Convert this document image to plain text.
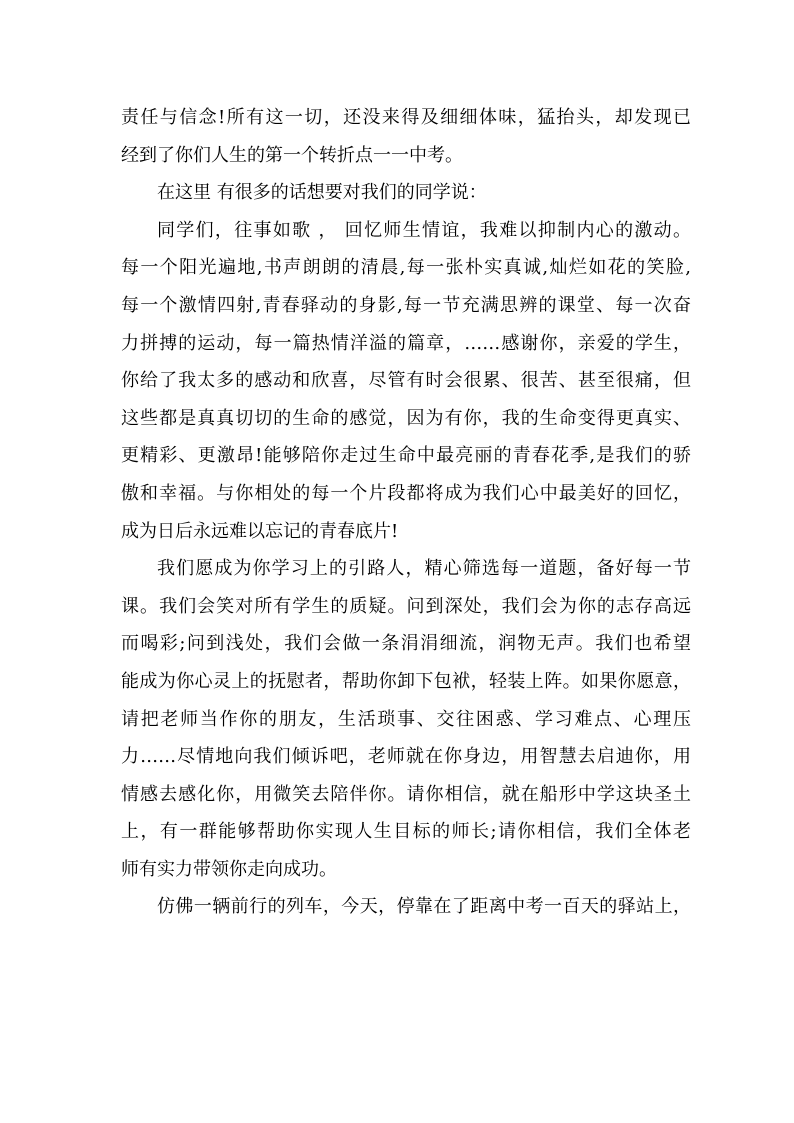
责任与信念!所有这一切，还没来得及细细体味，猛抬头，却发现已
经到了你们人生的第一个转折点一一中考。
在这里 有很多的话想要对我们的同学说：
同学们，往事如歌 ， 回忆师生情谊，我难以抑制内心的激动。
每一个阳光遍地,书声朗朗的清晨,每一张朴实真诚,灿烂如花的笑脸,
每一个激情四射,青春驿动的身影,每一节充满思辨的课堂、每一次奋
力拼搏的运动，每一篇热情洋溢的篇章，……感谢你，亲爱的学生，
你给了我太多的感动和欣喜，尽管有时会很累、很苦、甚至很痛，但
这些都是真真切切的生命的感觉，因为有你，我的生命变得更真实、
更精彩、更激昂!能够陪你走过生命中最亮丽的青春花季,是我们的骄
傲和幸福。与你相处的每一个片段都将成为我们心中最美好的回忆，
成为日后永远难以忘记的青春底片!
我们愿成为你学习上的引路人，精心筛选每一道题，备好每一节
课。我们会笑对所有学生的质疑。问到深处，我们会为你的志存高远
而喝彩;问到浅处，我们会做一条涓涓细流，润物无声。我们也希望
能成为你心灵上的抚慰者，帮助你卸下包袱，轻装上阵。如果你愿意，
请把老师当作你的朋友，生活琐事、交往困惑、学习难点、心理压
力……尽情地向我们倾诉吧，老师就在你身边，用智慧去启迪你，用
情感去感化你，用微笑去陪伴你。请你相信，就在船形中学这块圣土
上，有一群能够帮助你实现人生目标的师长;请你相信，我们全体老
师有实力带领你走向成功。
仿佛一辆前行的列车，今天，停靠在了距离中考一百天的驿站上，
